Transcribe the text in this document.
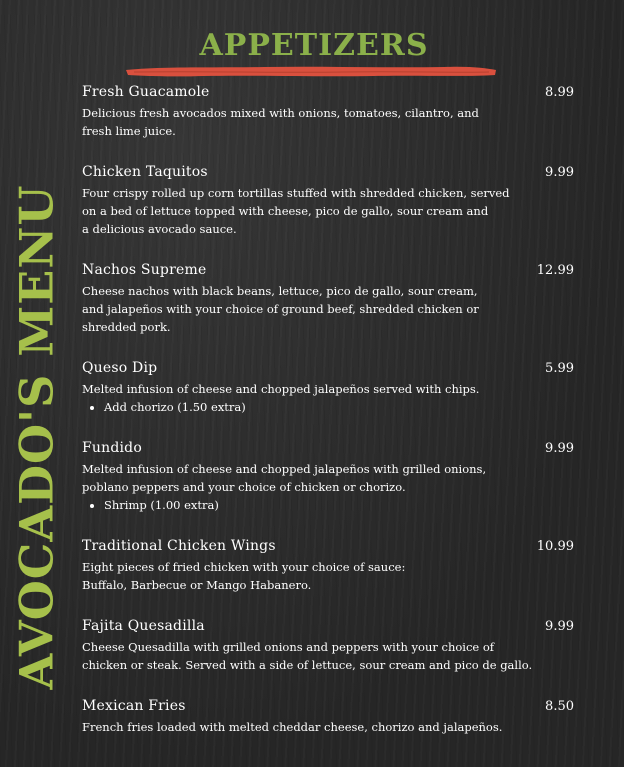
AVOCADO'S MENU
APPETIZERS
Fresh Guacamole	8.99
Delicious fresh avocados mixed with onions, tomatoes, cilantro, and
fresh lime juice.
Chicken Taquitos	9.99
Four crispy rolled up corn tortillas stuffed with shredded chicken, served
on a bed of lettuce topped with cheese, pico de gallo, sour cream and
a delicious avocado sauce.
Nachos Supreme	12.99
Cheese nachos with black beans, lettuce, pico de gallo, sour cream,
and jalapeños with your choice of ground beef, shredded chicken or
shredded pork.
Queso Dip	5.99
Melted infusion of cheese and chopped jalapeños served with chips.
• Add chorizo (1.50 extra)
Fundido	9.99
Melted infusion of cheese and chopped jalapeños with grilled onions,
poblano peppers and your choice of chicken or chorizo.
• Shrimp (1.00 extra)
Traditional Chicken Wings	10.99
Eight pieces of fried chicken with your choice of sauce:
Buffalo, Barbecue or Mango Habanero.
Fajita Quesadilla	9.99
Cheese Quesadilla with grilled onions and peppers with your choice of
chicken or steak. Served with a side of lettuce, sour cream and pico de gallo.
Mexican Fries	8.50
French fries loaded with melted cheddar cheese, chorizo and jalapeños.
